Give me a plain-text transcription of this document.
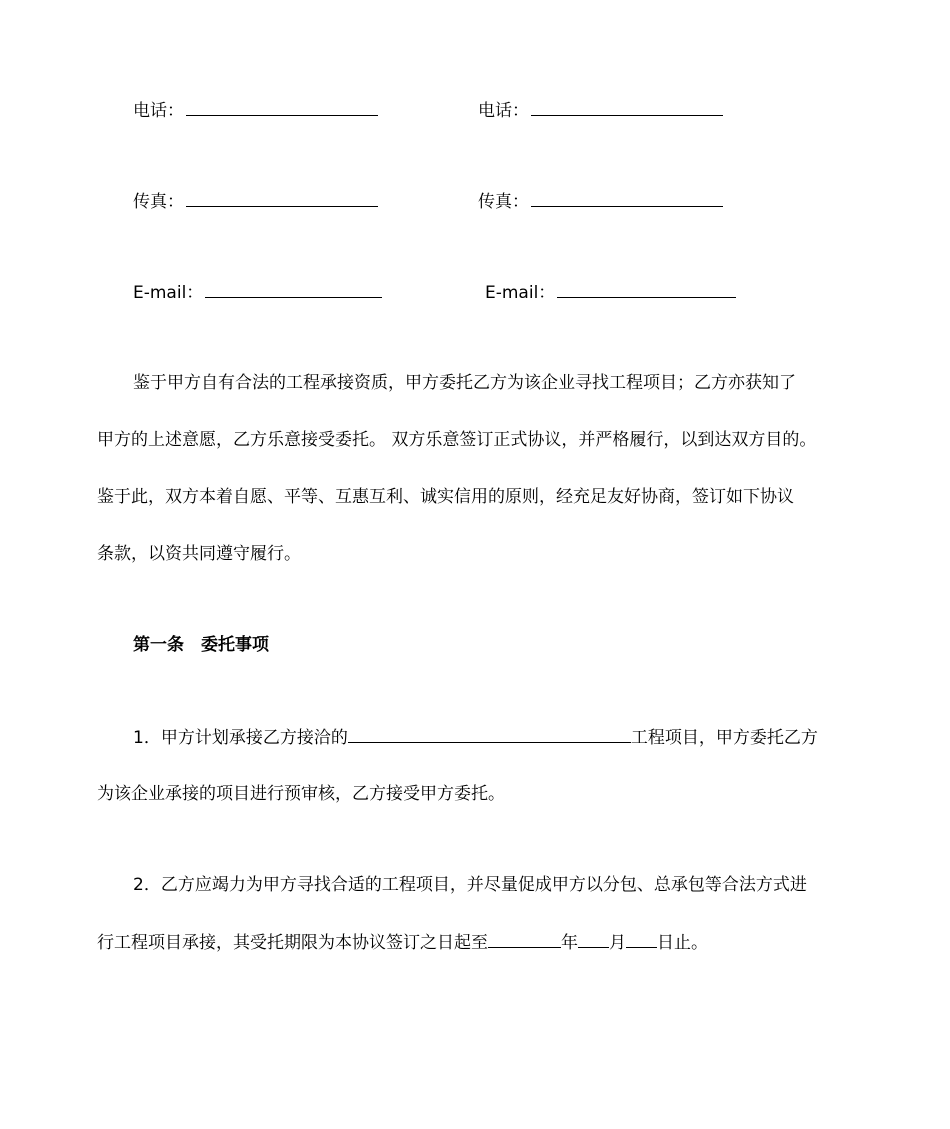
电话：	电话：
传真：	传真：
E-mail：	E-mail：
鉴于甲方自有合法的工程承接资质，甲方委托乙方为该企业寻找工程项目；乙方亦获知了
甲方的上述意愿，乙方乐意接受委托。 双方乐意签订正式协议，并严格履行，以到达双方目的。
鉴于此，双方本着自愿、平等、互惠互利、诚实信用的原则，经充足友好协商，签订如下协议
条款，以资共同遵守履行。
第一条　委托事项
1．甲方计划承接乙方接洽的	工程项目，甲方委托乙方
为该企业承接的项目进行预审核，乙方接受甲方委托。
2．乙方应竭力为甲方寻找合适的工程项目，并尽量促成甲方以分包、总承包等合法方式进
行工程项目承接，其受托期限为本协议签订之日起至	年 月 日止。
